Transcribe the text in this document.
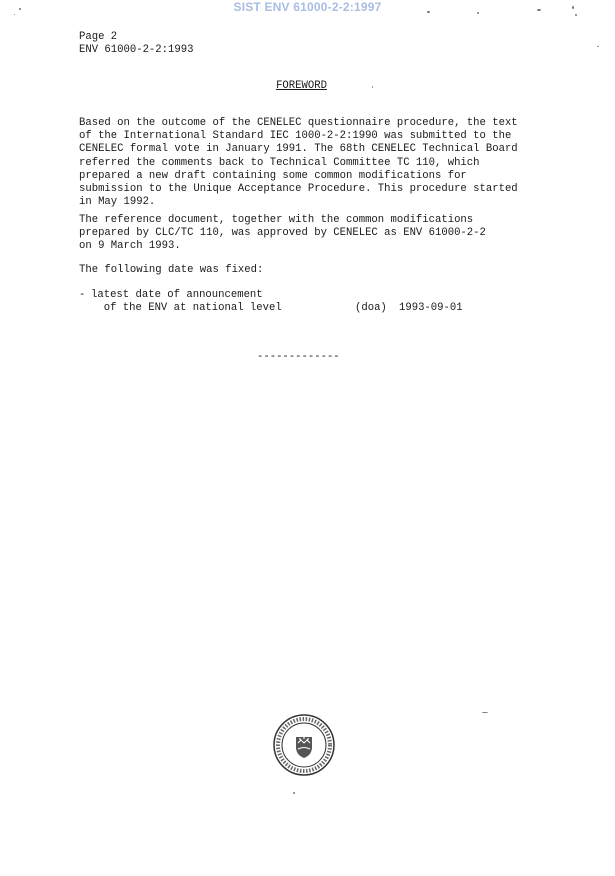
SIST ENV 61000-2-2:1997
Page 2
ENV 61000-2-2:1993
FOREWORD
Based on the outcome of the CENELEC questionnaire procedure, the text
of the International Standard IEC 1000-2-2:1990 was submitted to the
CENELEC formal vote in January 1991. The 68th CENELEC Technical Board
referred the comments back to Technical Committee TC 110, which
prepared a new draft containing some common modifications for
submission to the Unique Acceptance Procedure. This procedure started
in May 1992.
The reference document, together with the common modifications
prepared by CLC/TC 110, was approved by CENELEC as ENV 61000-2-2
on 9 March 1993.
The following date was fixed:
- latest date of announcement
of the ENV at national level	(doa)	1993-09-01
-------------
